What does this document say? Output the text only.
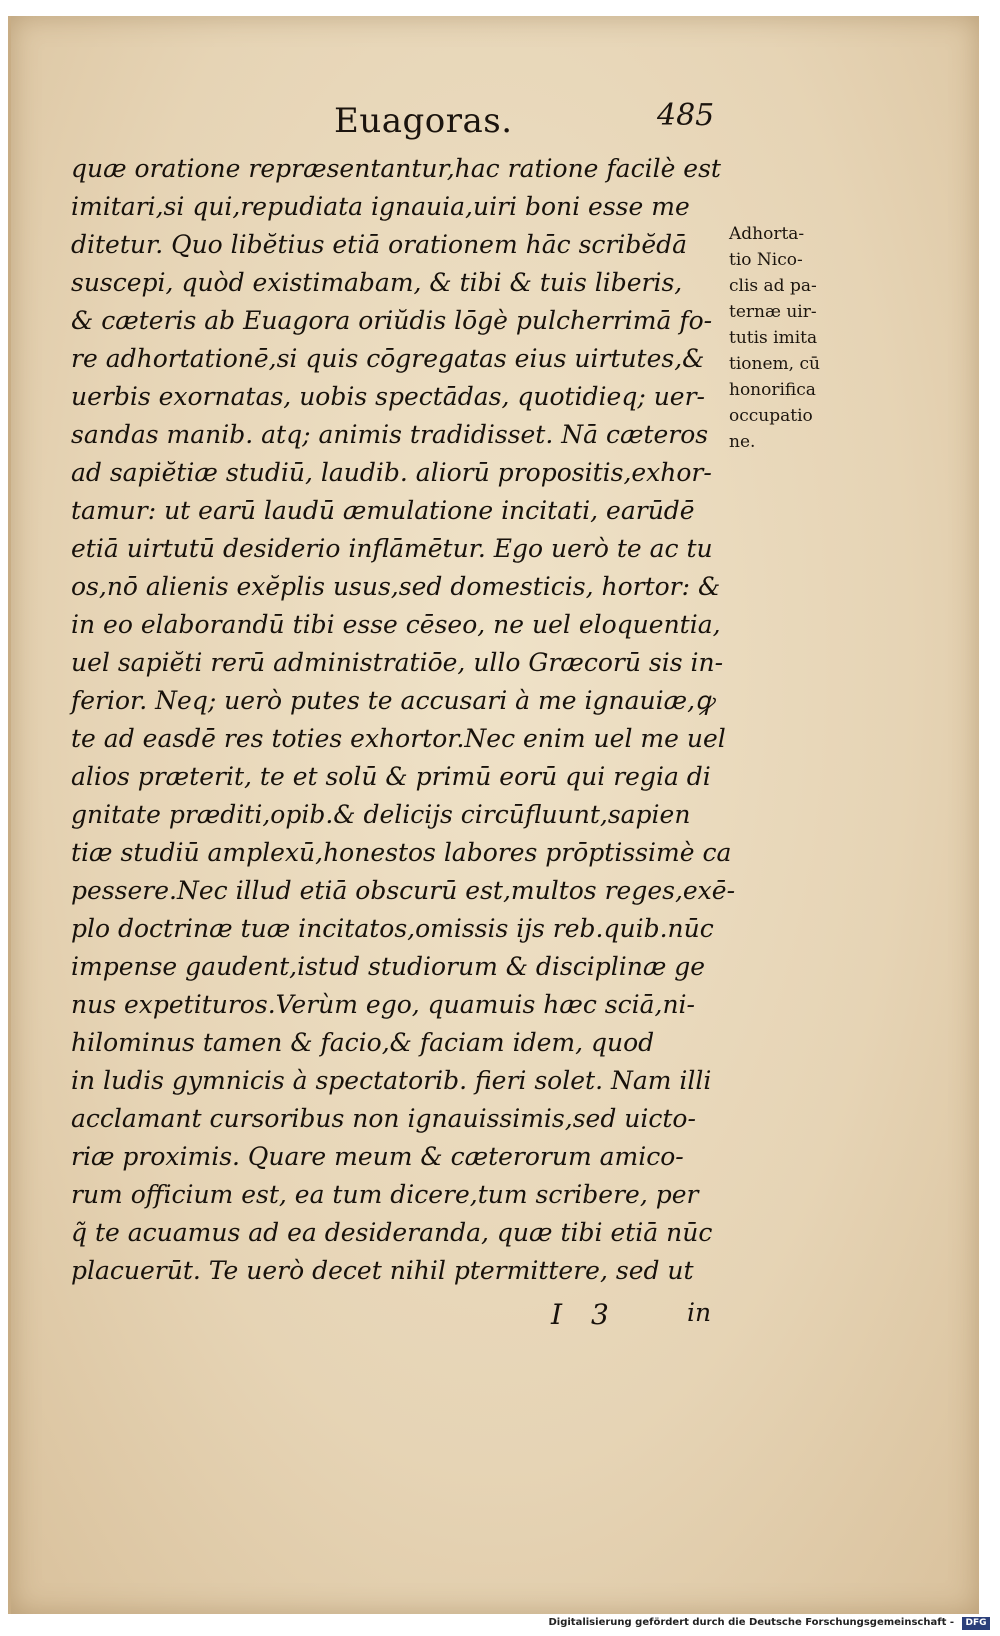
Euagoras.	485
quæ oratione repræsentantur,hac ratione facilè est
imitari,si qui,repudiata ignauia,uiri boni esse me
ditetur. Quo libĕtius etiā orationem hāc scribĕdā
suscepi, quòd existimabam, & tibi & tuis liberis,
& cæteris ab Euagora oriŭdis lōgè pulcherrimā fo-
re adhortationē,si quis cōgregatas eius uirtutes,&
uerbis exornatas, uobis spectādas, quotidieq; uer-
sandas manib. atq; animis tradidisset. Nā cæteros
ad sapiĕtiæ studiū, laudib. aliorū propositis,exhor-
tamur: ut earū laudū æmulatione incitati, earūdē
etiā uirtutū desiderio inflāmētur. Ego uerò te ac tu
os,nō alienis exĕplis usus,sed domesticis, hortor: &
in eo elaborandū tibi esse cēseo, ne uel eloquentia,
uel sapiĕti rerū administratiōe, ullo Græcorū sis in-
ferior. Neq; uerò putes te accusari à me ignauiæ,ꝙ
te ad easdē res toties exhortor.Nec enim uel me uel
alios præterit, te et solū & primū eorū qui regia di
gnitate præditi,opib.& delicijs circūfluunt,sapien
tiæ studiū amplexū,honestos labores prōptissimè ca
pessere.Nec illud etiā obscurū est,multos reges,exē-
plo doctrinæ tuæ incitatos,omissis ijs reb.quib.nūc
impense gaudent,istud studiorum & disciplinæ ge
nus expetituros.Verùm ego, quamuis hæc sciā,ni-
hilominus tamen & facio,& faciam idem, quod
in ludis gymnicis à spectatorib. fieri solet. Nam illi
acclamant cursoribus non ignauissimis,sed uicto-
riæ proximis. Quare meum & cæterorum amico-
rum officium est, ea tum dicere,tum scribere, per
q̃ te acuamus ad ea desideranda, quæ tibi etiā nūc
placuerūt. Te uerò decet nihil ptermittere, sed ut
Adhorta-
tio Nico-
clis ad pa-
ternæ uir-
tutis imita
tionem, cū
honorifica
occupatio
ne.
I 3	in
Digitalisierung gefördert durch die Deutsche Forschungsgemeinschaft -	DFG
